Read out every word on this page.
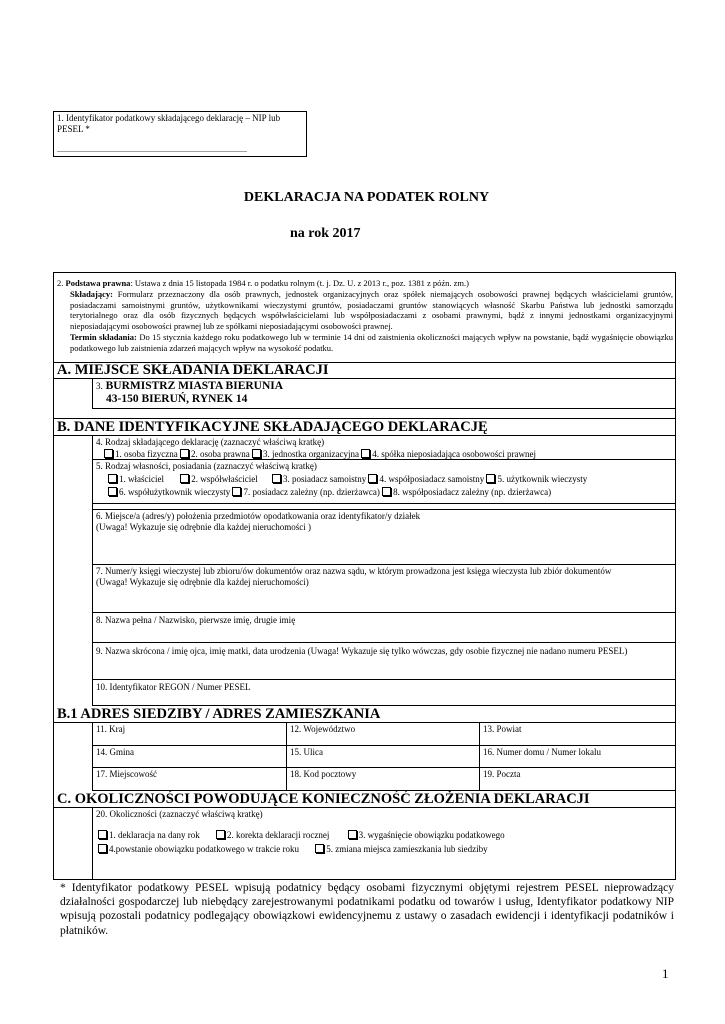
1. Identyfikator podatkowy składającego deklarację – NIP lub PESEL *
...............................................................................................
DEKLARACJA NA PODATEK ROLNY
na rok 2017
2. Podstawa prawna: Ustawa z dnia 15 listopada 1984 r. o podatku rolnym (t. j. Dz. U. z 2013 r., poz. 1381 z późn. zm.)
Składający: Formularz przeznaczony dla osób prawnych, jednostek organizacyjnych oraz spółek niemających osobowości prawnej będących właścicielami gruntów, posiadaczami samoistnymi gruntów, użytkownikami wieczystymi gruntów, posiadaczami gruntów stanowiących własność Skarbu Państwa lub jednostki samorządu terytorialnego oraz dla osób fizycznych będących współwłaścicielami lub współposiadaczami z osobami prawnymi, bądź z innymi jednostkami organizacyjnymi nieposiadającymi osobowości prawnej lub ze spółkami nieposiadającymi osobowości prawnej.
Termin składania: Do 15 stycznia każdego roku podatkowego lub w terminie 14 dni od zaistnienia okoliczności mających wpływ na powstanie, bądź wygaśnięcie obowiązku podatkowego lub zaistnienia zdarzeń mających wpływ na wysokość podatku.
A. MIEJSCE SKŁADANIA DEKLARACJI
3. BURMISTRZ MIASTA BIERUNIA
43-150 BIERUŃ, RYNEK 14
B. DANE IDENTYFIKACYJNE SKŁADAJĄCEGO DEKLARACJĘ
4. Rodzaj składającego deklarację (zaznaczyć właściwą kratkę)
1. osoba fizyczna 2. osoba prawna 3. jednostka organizacyjna 4. spółka nieposiadająca osobowości prawnej
5. Rodzaj własności, posiadania (zaznaczyć właściwą kratkę)
1. właściciel	2. współwłaściciel	3. posiadacz samoistny 4. współposiadacz samoistny 5. użytkownik wieczysty
6. współużytkownik wieczysty 7. posiadacz zależny (np. dzierżawca) 8. współposiadacz zależny (np. dzierżawca)
6. Miejsce/a (adres/y) położenia przedmiotów opodatkowania oraz identyfikator/y działek
(Uwaga! Wykazuje się odrębnie dla każdej nieruchomości )
7. Numer/y księgi wieczystej lub zbioru/ów dokumentów oraz nazwa sądu, w którym prowadzona jest księga wieczysta lub zbiór dokumentów
(Uwaga! Wykazuje się odrębnie dla każdej nieruchomości)
8. Nazwa pełna / Nazwisko, pierwsze imię, drugie imię
9. Nazwa skrócona / imię ojca, imię matki, data urodzenia (Uwaga! Wykazuje się tylko wówczas, gdy osobie fizycznej nie nadano numeru PESEL)
10. Identyfikator REGON / Numer PESEL
B.1 ADRES SIEDZIBY / ADRES ZAMIESZKANIA
11. Kraj	12. Województwo	13. Powiat
14. Gmina	15. Ulica	16. Numer domu / Numer lokalu
17. Miejscowość	18. Kod pocztowy	19. Poczta
C. OKOLICZNOŚCI POWODUJĄCE KONIECZNOŚĆ ZŁOŻENIA DEKLARACJI
20. Okoliczności (zaznaczyć właściwą kratkę)
1. deklaracja na dany rok	2. korekta deklaracji rocznej	3. wygaśnięcie obowiązku podatkowego
4.powstanie obowiązku podatkowego w trakcie roku	5. zmiana miejsca zamieszkania lub siedziby
* Identyfikator podatkowy PESEL wpisują podatnicy będący osobami fizycznymi objętymi rejestrem PESEL nieprowadzący działalności gospodarczej lub niebędący zarejestrowanymi podatnikami podatku od towarów i usług, Identyfikator podatkowy NIP wpisują pozostali podatnicy podlegający obowiązkowi ewidencyjnemu z ustawy o zasadach ewidencji i identyfikacji podatników i płatników.
1
